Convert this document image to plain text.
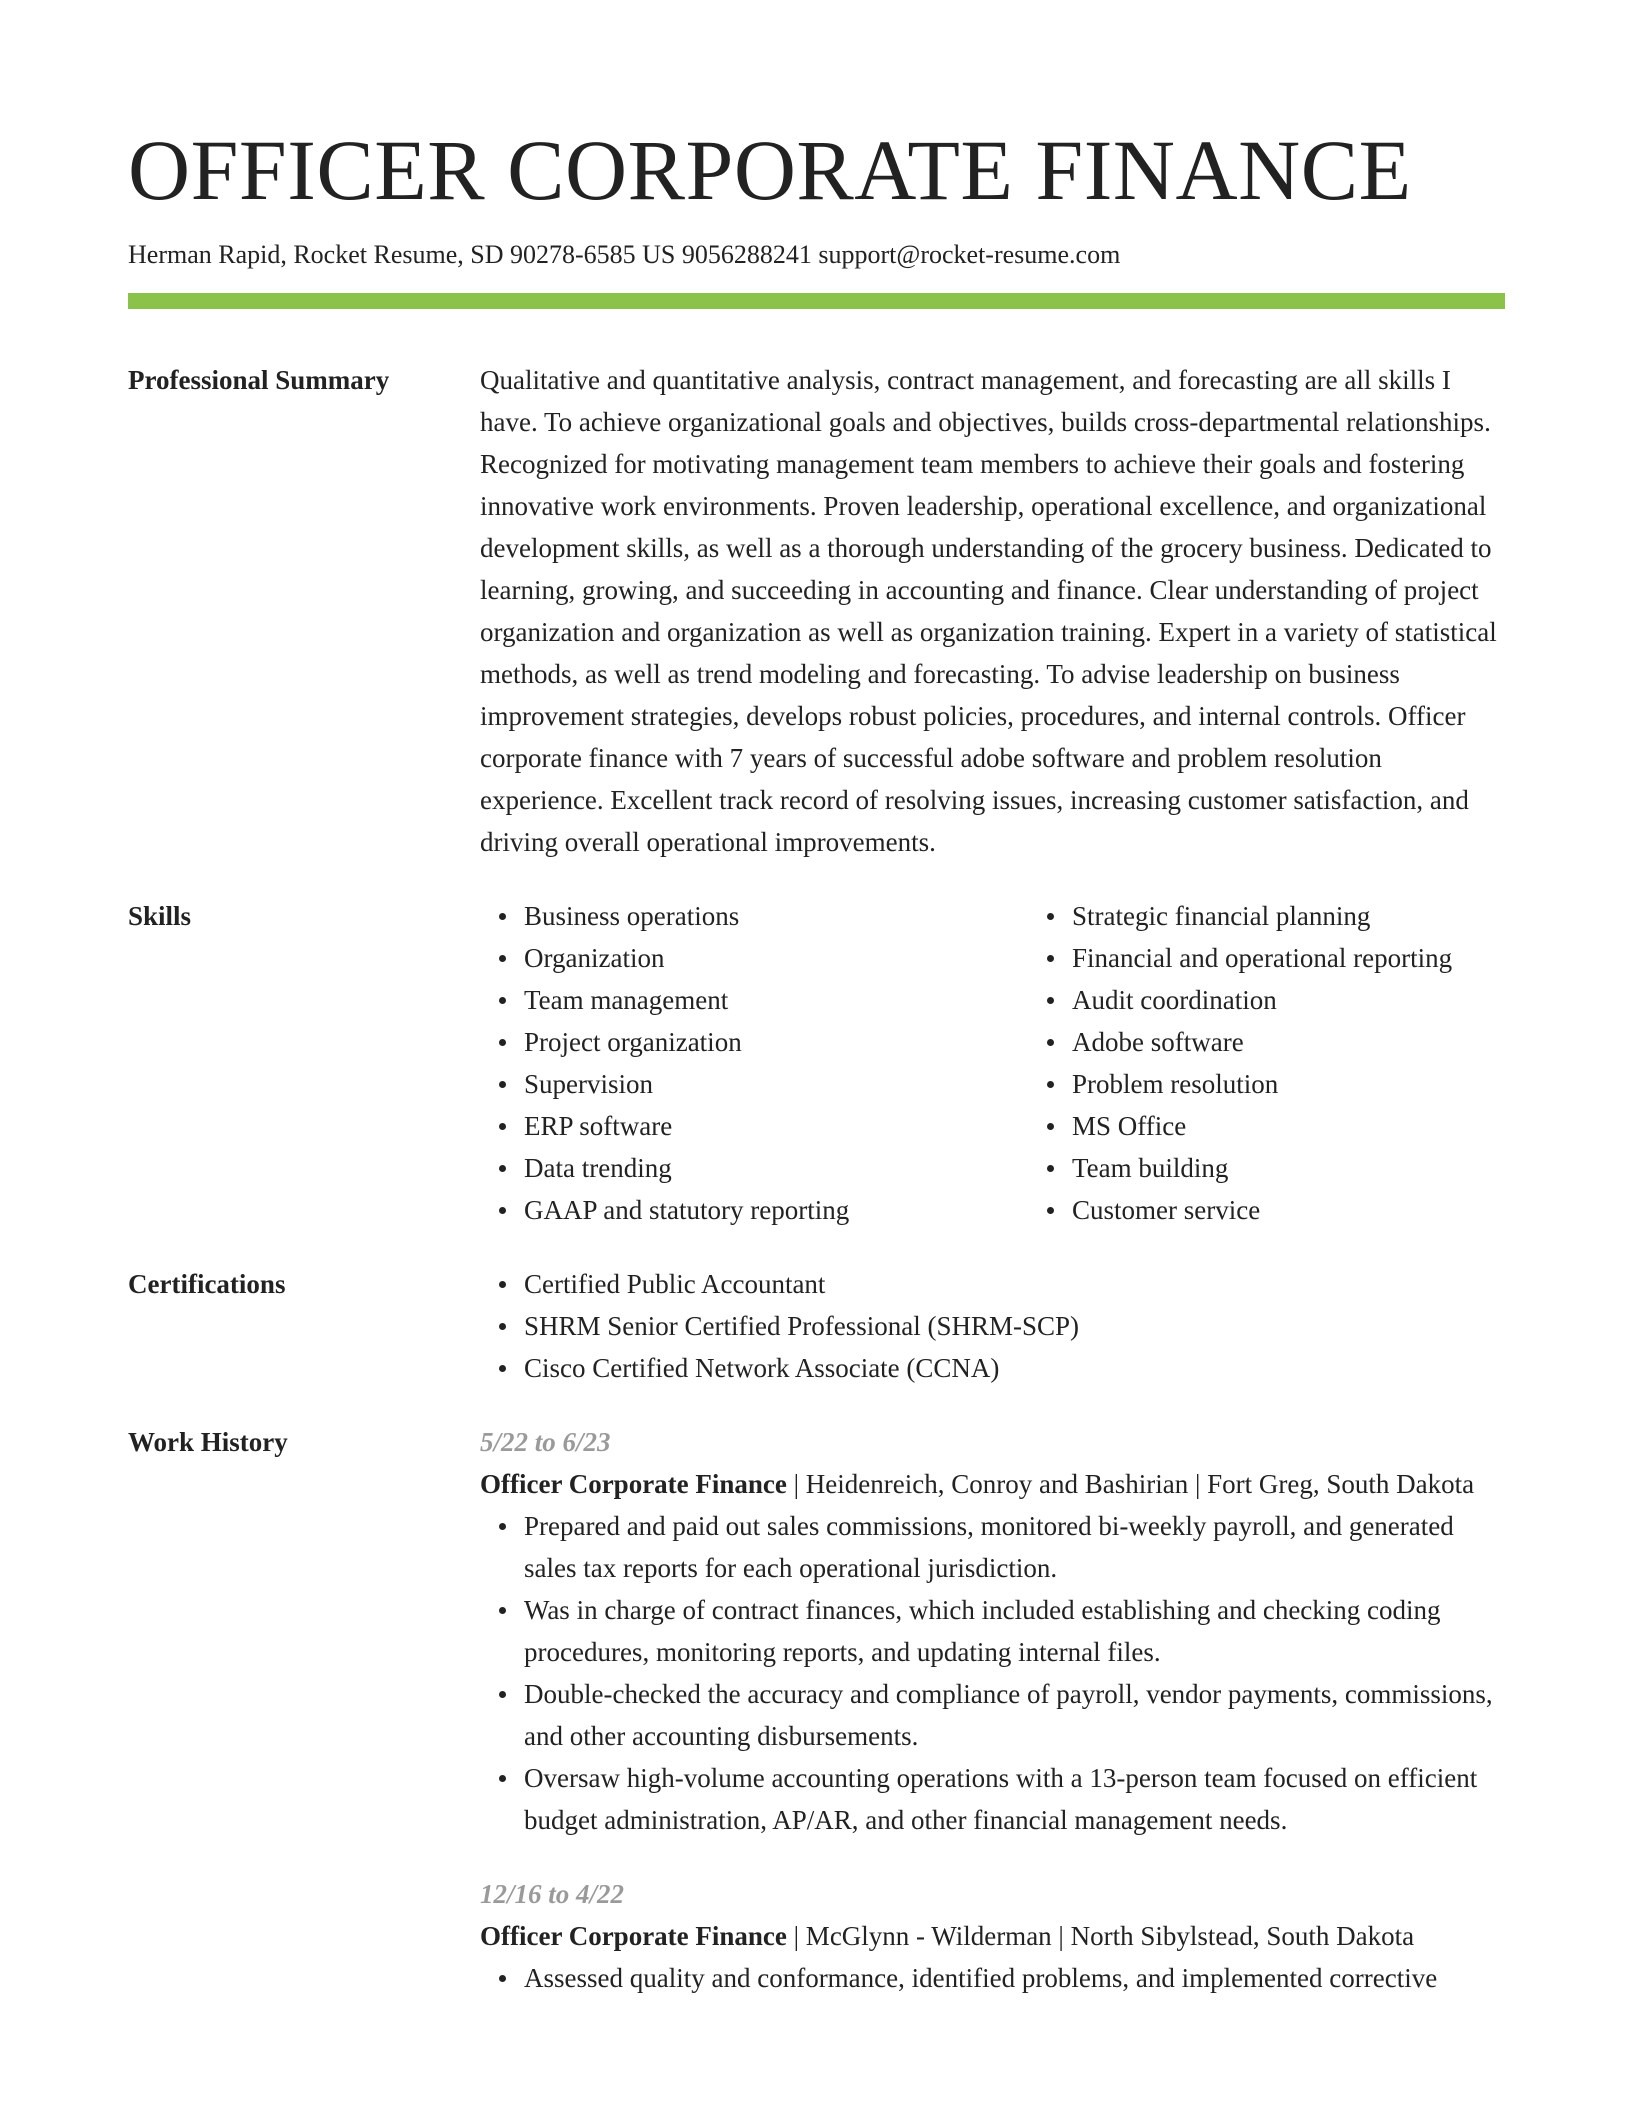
OFFICER CORPORATE FINANCE
Herman Rapid, Rocket Resume, SD 90278-6585 US 9056288241 support@rocket-resume.com
Professional Summary	Qualitative and quantitative analysis, contract management, and forecasting are all skills I have. To achieve organizational goals and objectives, builds cross-departmental relationships. Recognized for motivating management team members to achieve their goals and fostering innovative work environments. Proven leadership, operational excellence, and organizational development skills, as well as a thorough understanding of the grocery business. Dedicated to learning, growing, and succeeding in accounting and finance. Clear understanding of project organization and organization as well as organization training. Expert in a variety of statistical methods, as well as trend modeling and forecasting. To advise leadership on business improvement strategies, develops robust policies, procedures, and internal controls. Officer corporate finance with 7 years of successful adobe software and problem resolution experience. Excellent track record of resolving issues, increasing customer satisfaction, and driving overall operational improvements.
Skills	Business operations
Organization
Team management
Project organization
Supervision
ERP software
Data trending
GAAP and statutory reporting
Strategic financial planning
Financial and operational reporting
Audit coordination
Adobe software
Problem resolution
MS Office
Team building
Customer service
Certifications	Certified Public Accountant
SHRM Senior Certified Professional (SHRM-SCP)
Cisco Certified Network Associate (CCNA)
Work History	5/22 to 6/23
Officer Corporate Finance | Heidenreich, Conroy and Bashirian | Fort Greg, South Dakota
Prepared and paid out sales commissions, monitored bi-weekly payroll, and generated sales tax reports for each operational jurisdiction.
Was in charge of contract finances, which included establishing and checking coding procedures, monitoring reports, and updating internal files.
Double-checked the accuracy and compliance of payroll, vendor payments, commissions, and other accounting disbursements.
Oversaw high-volume accounting operations with a 13-person team focused on efficient budget administration, AP/AR, and other financial management needs.
12/16 to 4/22
Officer Corporate Finance | McGlynn - Wilderman | North Sibylstead, South Dakota
Assessed quality and conformance, identified problems, and implemented corrective
